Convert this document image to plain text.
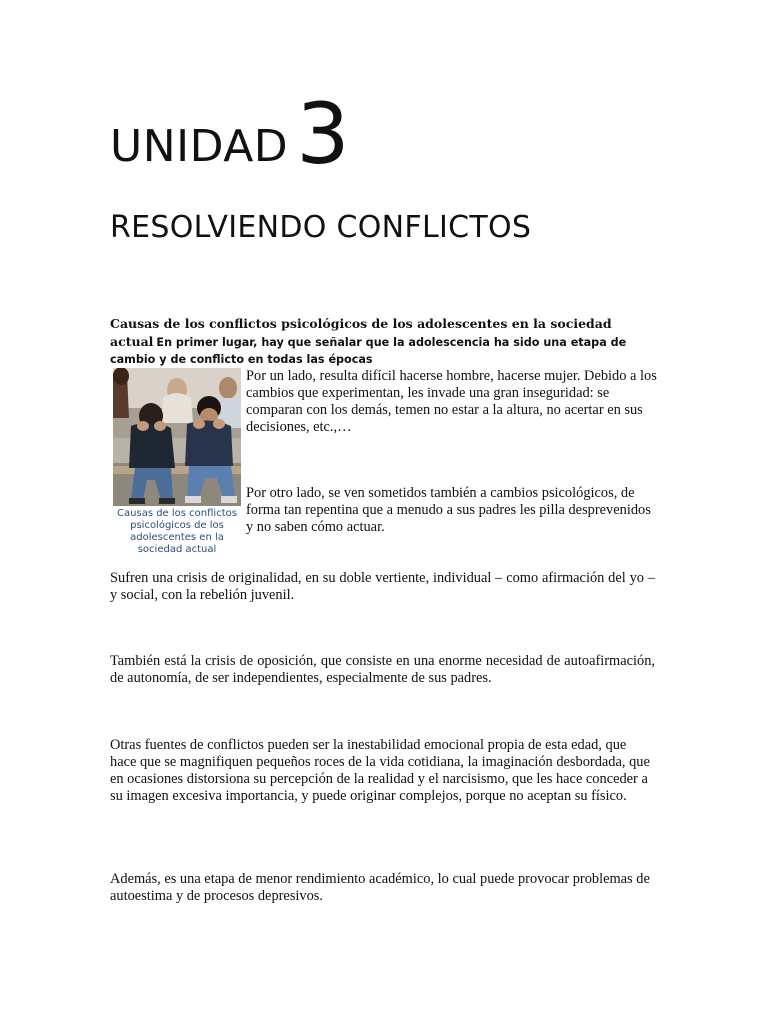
UNIDAD3
RESOLVIENDO CONFLICTOS

Causas de los conflictos psicológicos de los adolescentes en la sociedad actual En primer lugar, hay que señalar que la adolescencia ha sido una etapa de cambio y de conflicto en todas las épocas

Causas de los conflictos psicológicos de los adolescentes en la sociedad actual

Por un lado, resulta difícil hacerse hombre, hacerse mujer. Debido a los cambios que experimentan, les invade una gran inseguridad: se comparan con los demás, temen no estar a la altura, no acertar en sus decisiones, etc.,…

Por otro lado, se ven sometidos también a cambios psicológicos, de forma tan repentina que a menudo a sus padres les pilla desprevenidos y no saben cómo actuar.

Sufren una crisis de originalidad, en su doble vertiente, individual – como afirmación del yo – y social, con la rebelión juvenil.

También está la crisis de oposición, que consiste en una enorme necesidad de autoafirmación, de autonomía, de ser independientes, especialmente de sus padres.

Otras fuentes de conflictos pueden ser la inestabilidad emocional propia de esta edad, que hace que se magnifiquen pequeños roces de la vida cotidiana, la imaginación desbordada, que en ocasiones distorsiona su percepción de la realidad y el narcisismo, que les hace conceder a su imagen excesiva importancia, y puede originar complejos, porque no aceptan su físico.

Además, es una etapa de menor rendimiento académico, lo cual puede provocar problemas de autoestima y de procesos depresivos.
